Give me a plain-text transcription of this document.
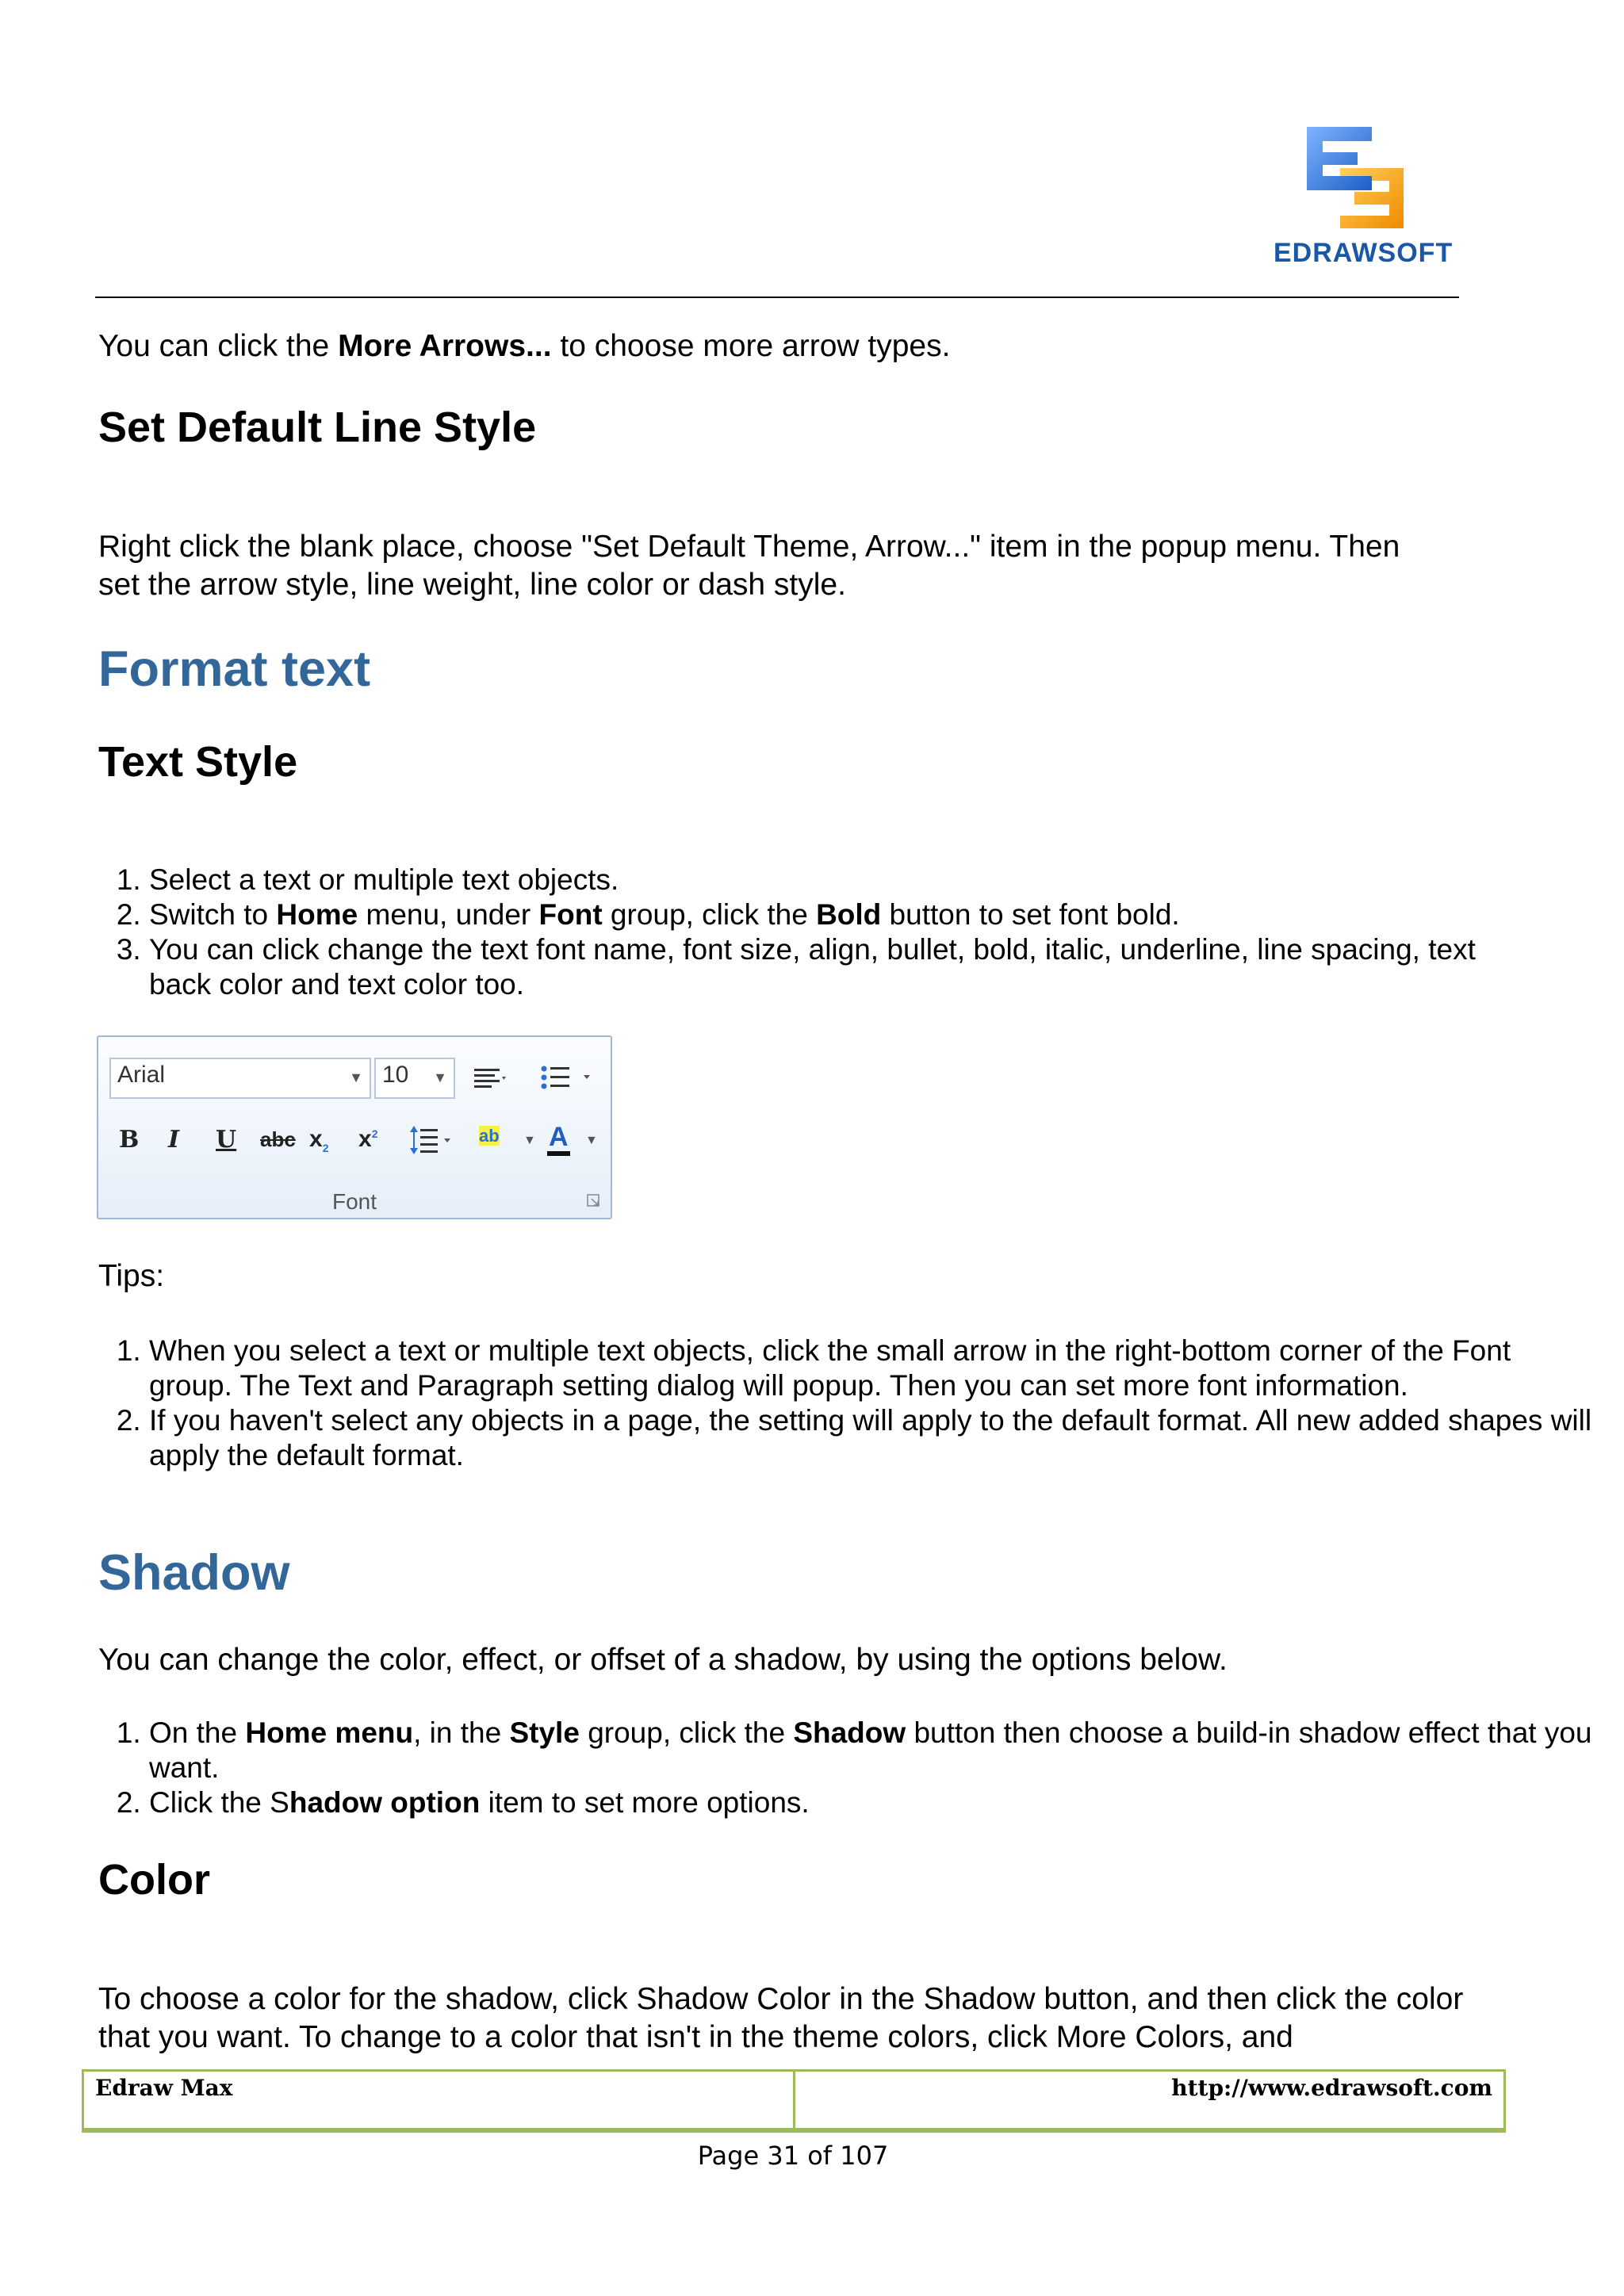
EDRAWSOFT

You can click the More Arrows... to choose more arrow types.

Set Default Line Style

Right click the blank place, choose "Set Default Theme, Arrow..." item in the popup menu. Then set the arrow style, line weight, line color or dash style.

Format text
Text Style
1. Select a text or multiple text objects.
2. Switch to Home menu, under Font group, click the Bold button to set font bold.
3. You can click change the text font name, font size, align, bullet, bold, italic, underline, line spacing, text back color and text color too.
Arial	▼ 10 ▼
B I U abc $x_2$ $x^2$	ab ▼ A ▼
Font

Tips:

1. When you select a text or multiple text objects, click the small arrow in the right-bottom corner of the Font group. The Text and Paragraph setting dialog will popup. Then you can set more font information.
2. If you haven't select any objects in a page, the setting will apply to the default format. All new added shapes will apply the default format.
Shadow

You can change the color, effect, or offset of a shadow, by using the options below.

1. On the Home menu, in the Style group, click the Shadow button then choose a build-in shadow effect that you want.
2. Click the Shadow option item to set more options.
Color

To choose a color for the shadow, click Shadow Color in the Shadow button, and then click the color that you want. To change to a color that isn't in the theme colors, click More Colors, and

Edraw Max	http://www.edrawsoft.com
Page 31 of 107
